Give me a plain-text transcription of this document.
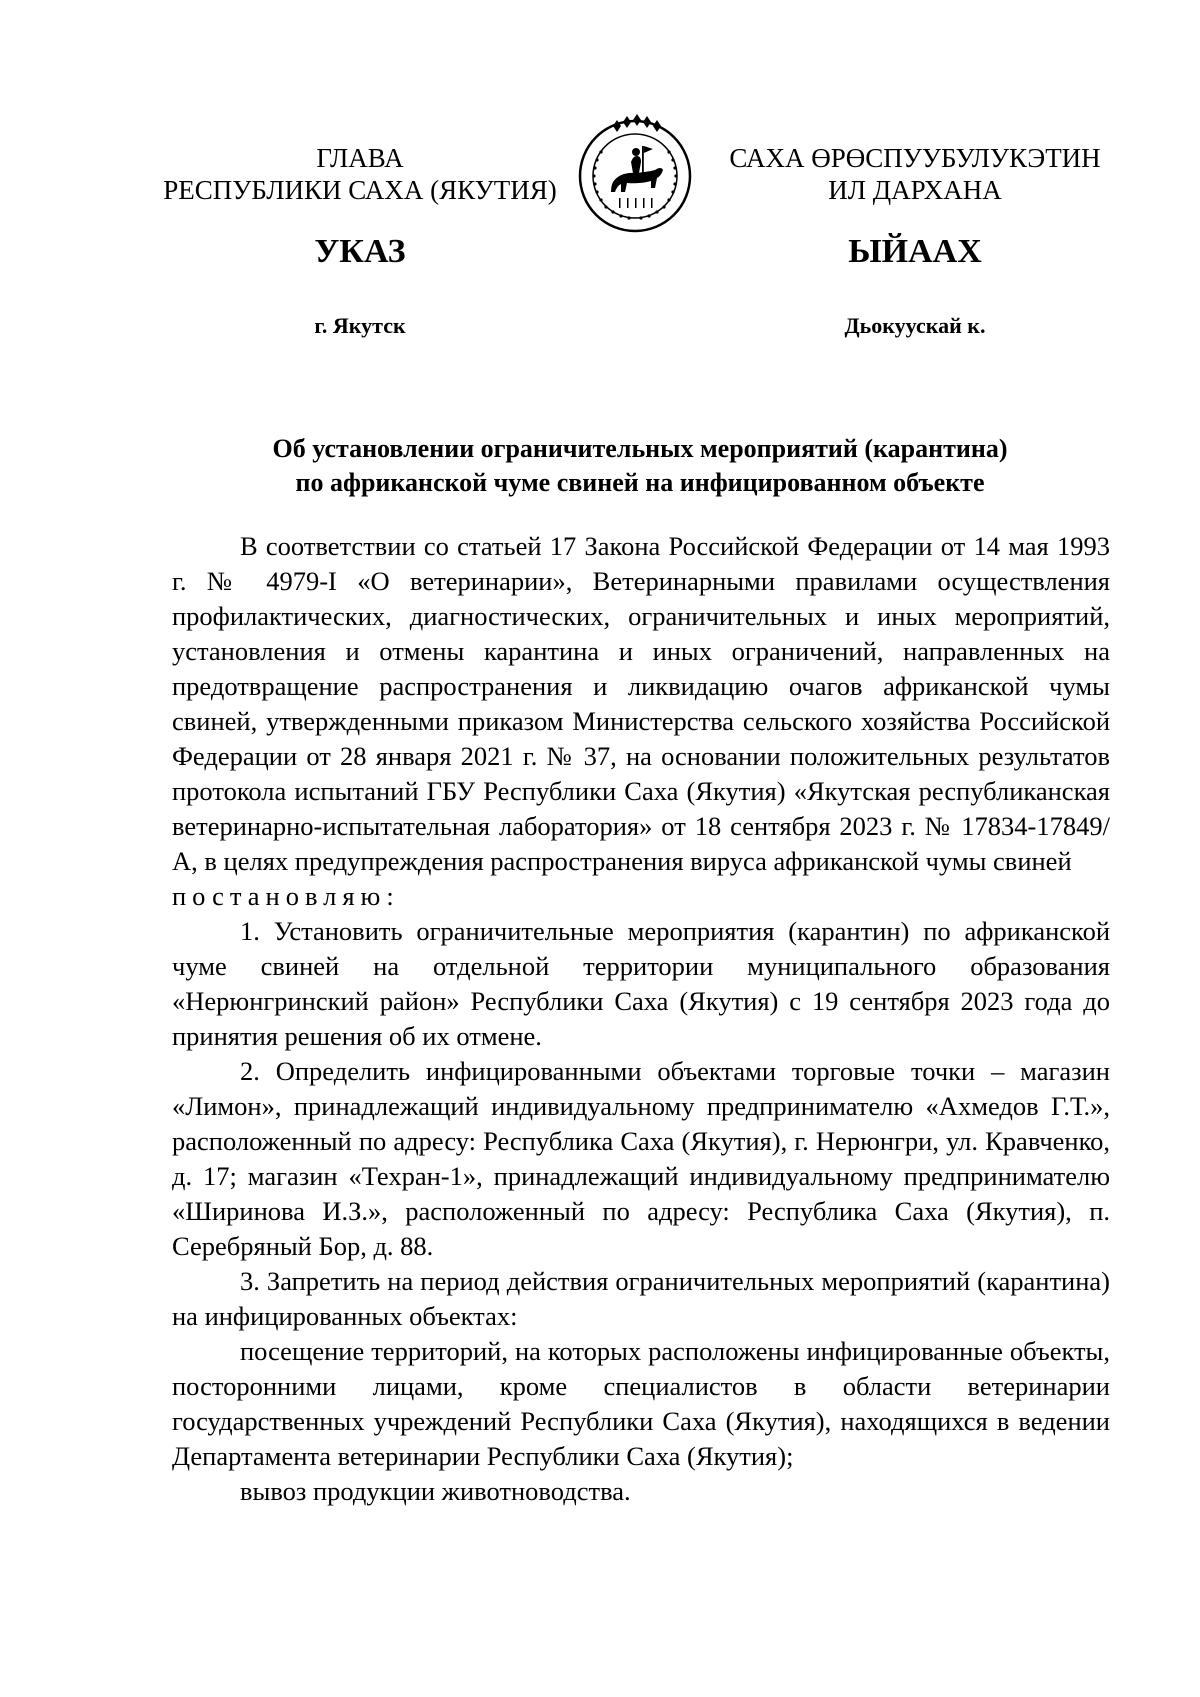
ГЛАВА
РЕСПУБЛИКИ САХА (ЯКУТИЯ)
САХА ӨРӨСПУУБУЛУКЭТИН
ИЛ ДАРХАНА
УКАЗ	ЫЙААХ
г. Якутск	Дьокуускай к.
Об установлении ограничительных мероприятий (карантина)
по африканской чуме свиней на инфицированном объекте

В соответствии со статьей 17 Закона Российской Федерации от 14 мая 1993 г. № 4979-I «О ветеринарии», Ветеринарными правилами осуществления профилактических, диагностических, ограничительных и иных мероприятий, установления и отмены карантина и иных ограничений, направленных на предотвращение распространения и ликвидацию очагов африканской чумы свиней, утвержденными приказом Министерства сельского хозяйства Российской Федерации от 28 января 2021 г. № 37, на основании положительных результатов протокола испытаний ГБУ Республики Саха (Якутия) «Якутская республиканская ветеринарно-испытательная лаборатория» от 18 сентября 2023 г. № 17834-17849/А, в целях предупреждения распространения вируса африканской чумы свиней

постановляю:

1. Установить ограничительные мероприятия (карантин) по африканской чуме свиней на отдельной территории муниципального образования «Нерюнгринский район» Республики Саха (Якутия) с 19 сентября 2023 года до принятия решения об их отмене.

2. Определить инфицированными объектами торговые точки – магазин «Лимон», принадлежащий индивидуальному предпринимателю «Ахмедов Г.Т.», расположенный по адресу: Республика Саха (Якутия), г. Нерюнгри, ул. Кравченко, д. 17; магазин «Техран-1», принадлежащий индивидуальному предпринимателю «Ширинова И.З.», расположенный по адресу: Республика Саха (Якутия), п. Серебряный Бор, д. 88.

3. Запретить на период действия ограничительных мероприятий (карантина) на инфицированных объектах:

посещение территорий, на которых расположены инфицированные объекты, посторонними лицами, кроме специалистов в области ветеринарии государственных учреждений Республики Саха (Якутия), находящихся в ведении Департамента ветеринарии Республики Саха (Якутия);

вывоз продукции животноводства.
